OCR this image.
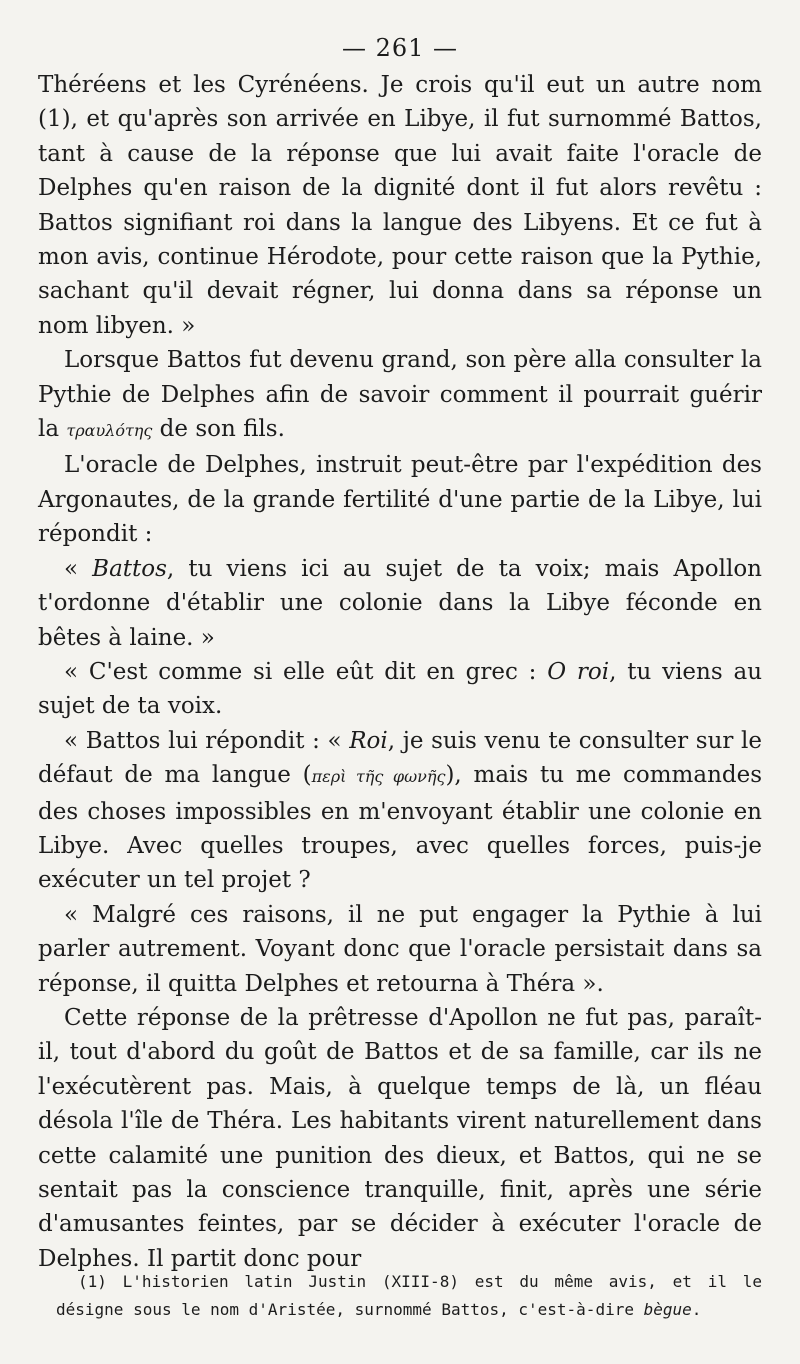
— 261 —

Théréens et les Cyrénéens. Je crois qu'il eut un autre nom (1), et qu'après son arrivée en Libye, il fut surnommé Battos, tant à cause de la réponse que lui avait faite l'oracle de Delphes qu'en raison de la dignité dont il fut alors revêtu : Battos signifiant roi dans la langue des Libyens. Et ce fut à mon avis, continue Hérodote, pour cette raison que la Pythie, sachant qu'il devait régner, lui donna dans sa réponse un nom libyen. »

Lorsque Battos fut devenu grand, son père alla consulter la Pythie de Delphes afin de savoir comment il pourrait guérir la τραυλότης de son fils.

L'oracle de Delphes, instruit peut-être par l'expédition des Argonautes, de la grande fertilité d'une partie de la Libye, lui répondit :

« Battos, tu viens ici au sujet de ta voix; mais Apollon t'ordonne d'établir une colonie dans la Libye féconde en bêtes à laine. »

« C'est comme si elle eût dit en grec : O roi, tu viens au sujet de ta voix.

« Battos lui répondit : « Roi, je suis venu te consulter sur le défaut de ma langue (περὶ τῆς φωνῆς), mais tu me commandes des choses impossibles en m'envoyant établir une colonie en Libye. Avec quelles troupes, avec quelles forces, puis-je exécuter un tel projet ?

« Malgré ces raisons, il ne put engager la Pythie à lui parler autrement. Voyant donc que l'oracle persistait dans sa réponse, il quitta Delphes et retourna à Théra ».

Cette réponse de la prêtresse d'Apollon ne fut pas, paraît-il, tout d'abord du goût de Battos et de sa famille, car ils ne l'exécutèrent pas. Mais, à quelque temps de là, un fléau désola l'île de Théra. Les habitants virent naturellement dans cette calamité une punition des dieux, et Battos, qui ne se sentait pas la conscience tranquille, finit, après une série d'amusantes feintes, par se décider à exécuter l'oracle de Delphes. Il partit donc pour

(1) L'historien latin Justin (XIII-8) est du même avis, et il le désigne sous le nom d'Aristée, surnommé Battos, c'est-à-dire bègue.
